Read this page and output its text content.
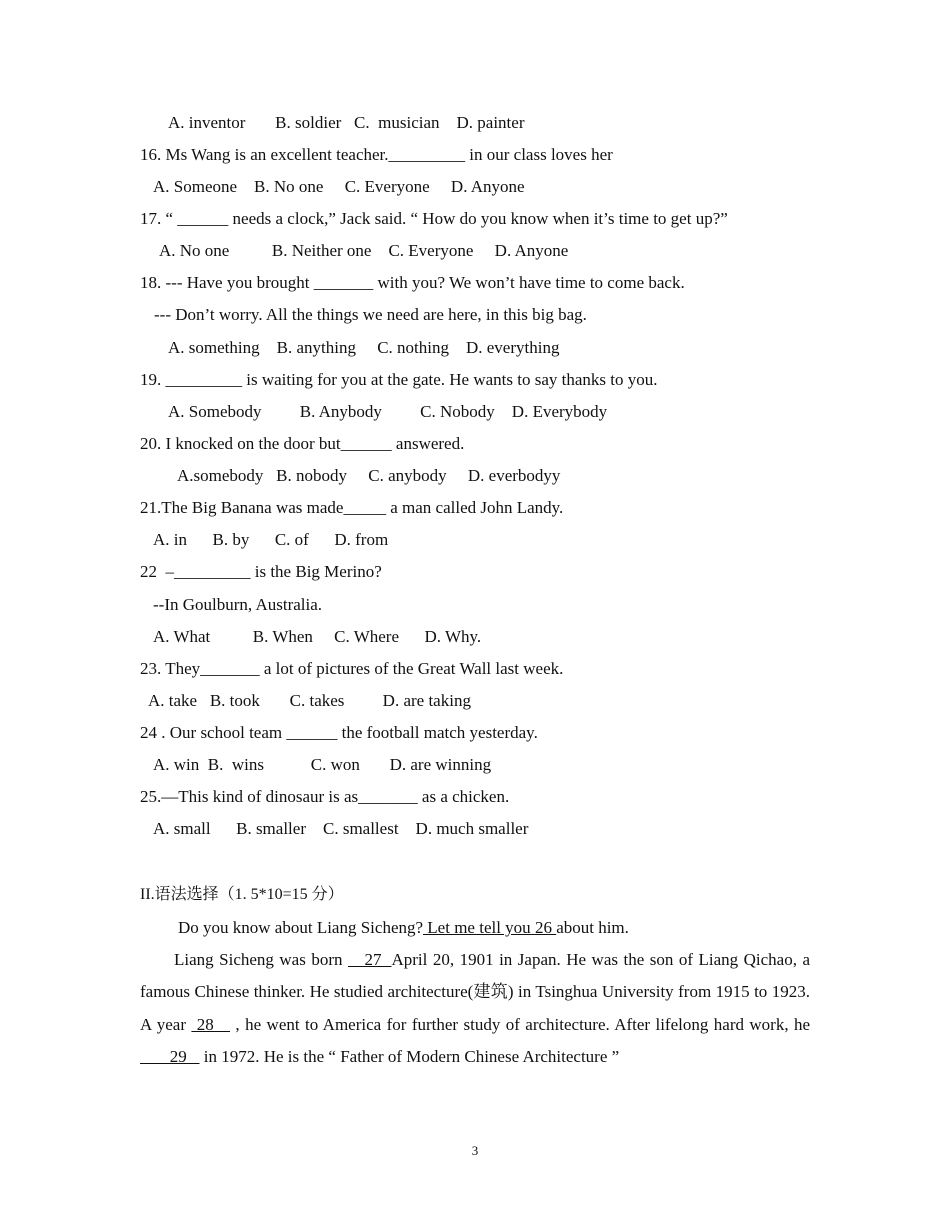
A. inventor       B. soldier   C.  musician    D. painter
16. Ms Wang is an excellent teacher._________ in our class loves her
A. Someone    B. No one     C. Everyone     D. Anyone
17. “ ______ needs a clock,” Jack said. “ How do you know when it’s time to get up?”
A. No one          B. Neither one    C. Everyone     D. Anyone
18. --- Have you brought _______ with you? We won’t have time to come back.
--- Don’t worry. All the things we need are here, in this big bag.
A. something    B. anything     C. nothing    D. everything
19. _________ is waiting for you at the gate. He wants to say thanks to you.
A. Somebody         B. Anybody         C. Nobody    D. Everybody
20. I knocked on the door but______ answered.
A.somebody   B. nobody     C. anybody     D. everbodyy
21.The Big Banana was made_____ a man called John Landy.
A. in      B. by      C. of      D. from
22  –_________ is the Big Merino?
--In Goulburn, Australia.
A. What          B. When     C. Where      D. Why.
23. They_______ a lot of pictures of the Great Wall last week.
A. take   B. took       C. takes         D. are taking
24 . Our school team ______ the football match yesterday.
A. win  B.  wins           C. won       D. are winning
25.—This kind of dinosaur is as_______ as a chicken.
A. small      B. smaller    C. smallest    D. much smaller
II.语法选择（1. 5*10=15 分）
Do you know about Liang Sicheng? Let me tell you 26 about him.
Liang Sicheng was born    27  April 20, 1901 in Japan. He was the son of Liang Qichao, a famous Chinese thinker. He studied architecture(建筑) in Tsinghua University from 1915 to 1923. A year  28    , he went to America for further study of architecture. After lifelong hard work, he        29    in 1972. He is the “ Father of Modern Chinese Architecture ”
3
